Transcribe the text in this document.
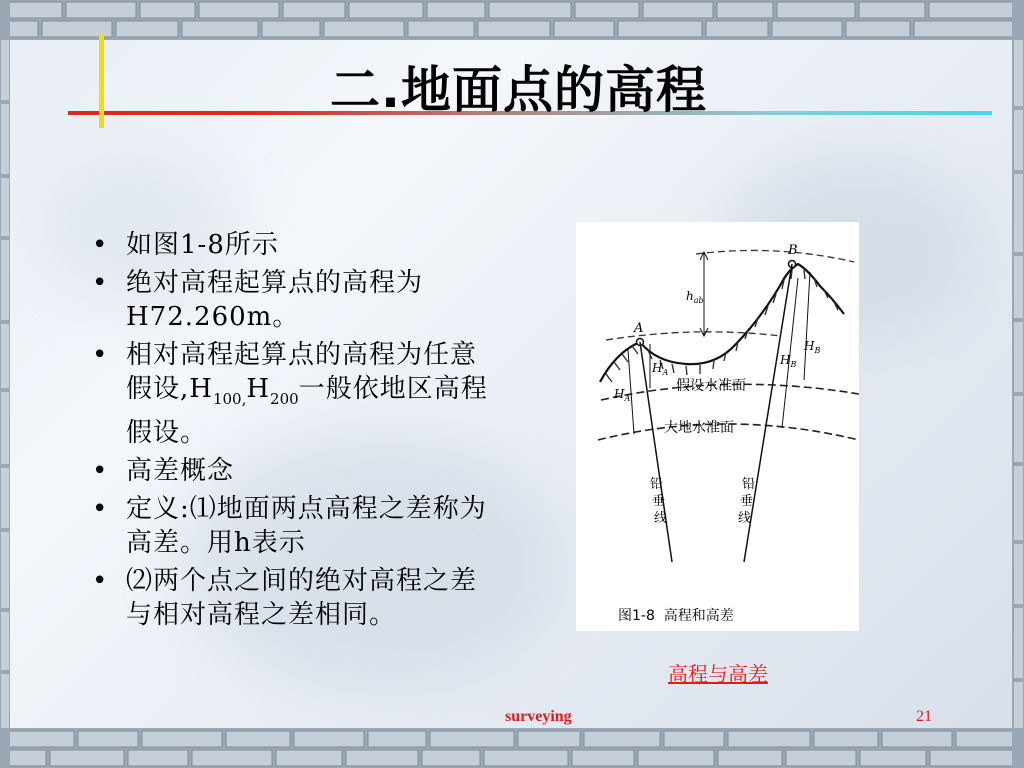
二.地面点的高程
• 如图1-8所示
• 绝对高程起算点的高程为H72.260m。
• 相对高程起算点的高程为任意假设$,H_{100,}H_{200}$一般依地区高程假设。
• 高差概念
• 定义:⑴地面两点高程之差称为高差。用h表示
• ⑵两个点之间的绝对高程之差与相对高程之差相同。
A
B
$h_{ab}$
$H_A$
$H_A$
$H_B$
$H_B$
假设水准面
大地水准面
铅
垂
线
铅
垂
线
图1-8  高程和高差
高程与高差
surveying	21
